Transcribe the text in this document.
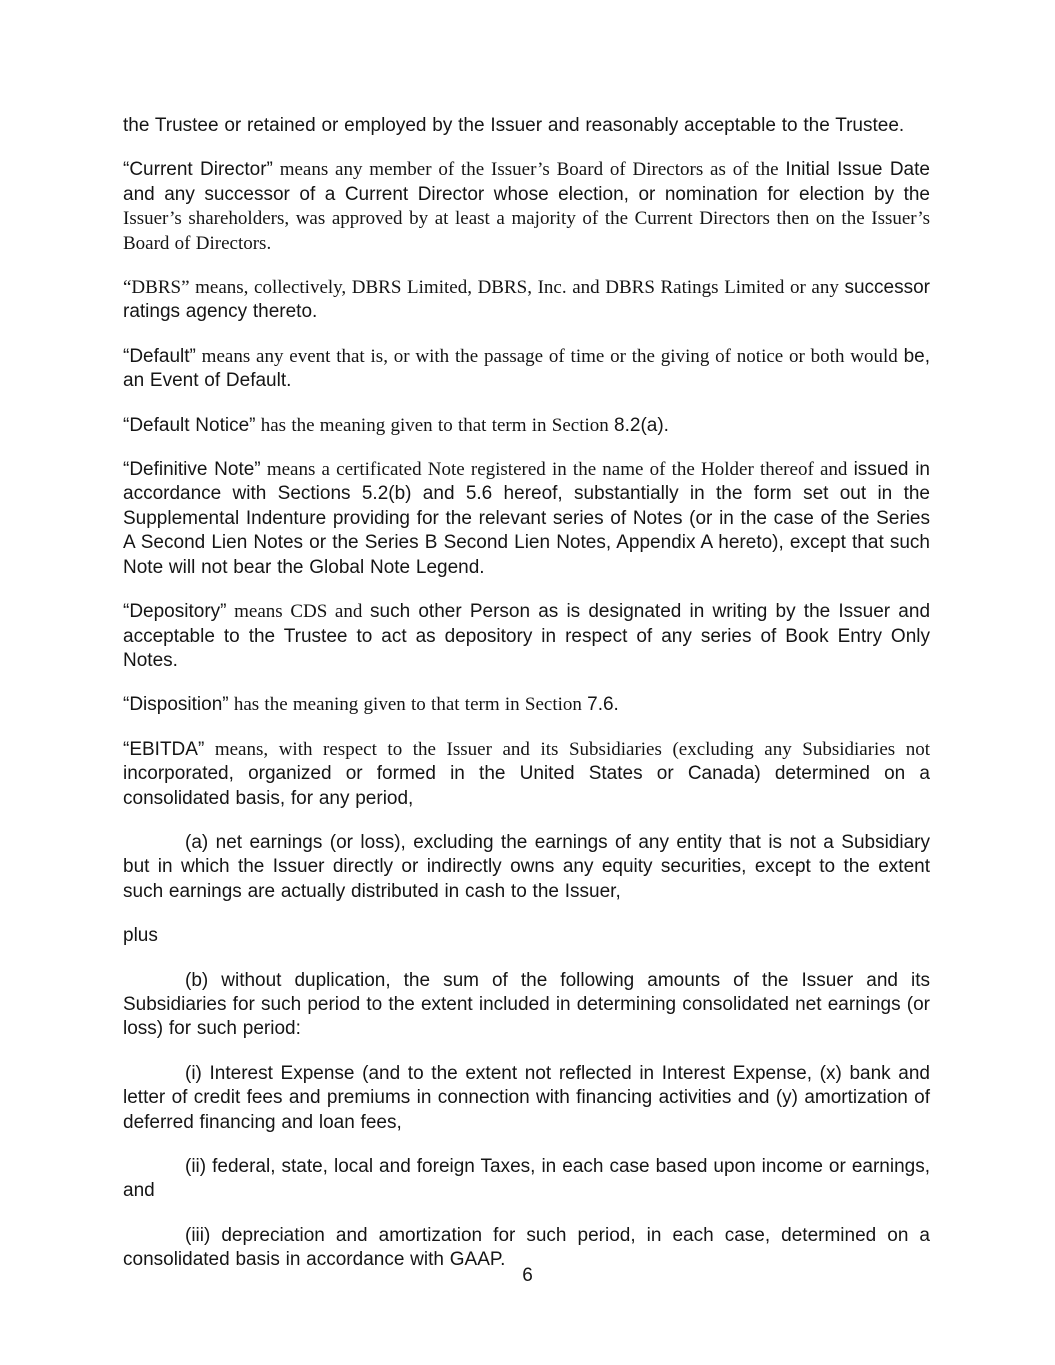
the Trustee or retained or employed by the Issuer and reasonably acceptable to the Trustee.

“Current Director” means any member of the Issuer’s Board of Directors as of the Initial Issue Date and any successor of a Current Director whose election, or nomination for election by the Issuer’s shareholders, was approved by at least a majority of the Current Directors then on the Issuer’s Board of Directors.

“DBRS” means, collectively, DBRS Limited, DBRS, Inc. and DBRS Ratings Limited or any successor ratings agency thereto.

“Default” means any event that is, or with the passage of time or the giving of notice or both would be, an Event of Default.

“Default Notice” has the meaning given to that term in Section 8.2(a).

“Definitive Note” means a certificated Note registered in the name of the Holder thereof and issued in accordance with Sections 5.2(b) and 5.6 hereof, substantially in the form set out in the Supplemental Indenture providing for the relevant series of Notes (or in the case of the Series A Second Lien Notes or the Series B Second Lien Notes, Appendix A hereto), except that such Note will not bear the Global Note Legend.

“Depository” means CDS and such other Person as is designated in writing by the Issuer and acceptable to the Trustee to act as depository in respect of any series of Book Entry Only Notes.

“Disposition” has the meaning given to that term in Section 7.6.

“EBITDA” means, with respect to the Issuer and its Subsidiaries (excluding any Subsidiaries not incorporated, organized or formed in the United States or Canada) determined on a consolidated basis, for any period,

(a) net earnings (or loss), excluding the earnings of any entity that is not a Subsidiary but in which the Issuer directly or indirectly owns any equity securities, except to the extent such earnings are actually distributed in cash to the Issuer,

plus

(b) without duplication, the sum of the following amounts of the Issuer and its Subsidiaries for such period to the extent included in determining consolidated net earnings (or loss) for such period:

(i) Interest Expense (and to the extent not reflected in Interest Expense, (x) bank and letter of credit fees and premiums in connection with financing activities and (y) amortization of deferred financing and loan fees,

(ii) federal, state, local and foreign Taxes, in each case based upon income or earnings, and

(iii) depreciation and amortization for such period, in each case, determined on a consolidated basis in accordance with GAAP.

6
